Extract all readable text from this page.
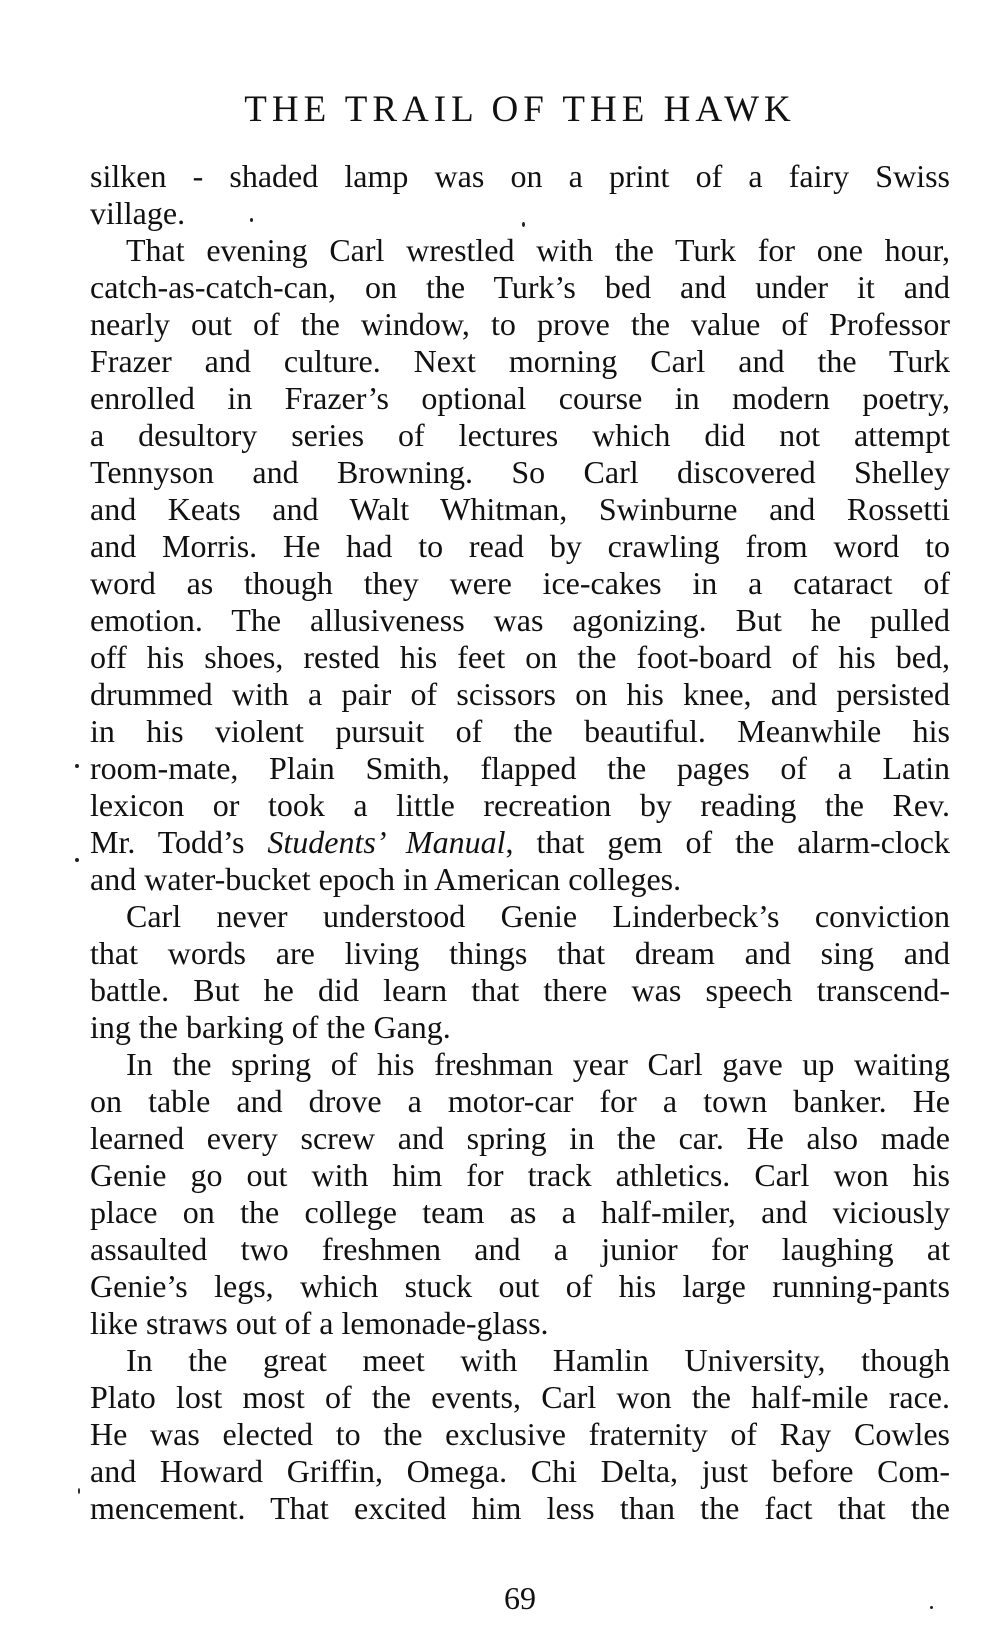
THE TRAIL OF THE HAWK
silken - shaded lamp was on a print of a fairy Swiss
village.
That evening Carl wrestled with the Turk for one hour,
catch-as-catch-can, on the Turk’s bed and under it and
nearly out of the window, to prove the value of Professor
Frazer and culture. Next morning Carl and the Turk
enrolled in Frazer’s optional course in modern poetry,
a desultory series of lectures which did not attempt
Tennyson and Browning. So Carl discovered Shelley
and Keats and Walt Whitman, Swinburne and Rossetti
and Morris. He had to read by crawling from word to
word as though they were ice-cakes in a cataract of
emotion. The allusiveness was agonizing. But he pulled
off his shoes, rested his feet on the foot-board of his bed,
drummed with a pair of scissors on his knee, and persisted
in his violent pursuit of the beautiful. Meanwhile his
room-mate, Plain Smith, flapped the pages of a Latin
lexicon or took a little recreation by reading the Rev.
Mr. Todd’s Students’ Manual, that gem of the alarm-clock
and water-bucket epoch in American colleges.
Carl never understood Genie Linderbeck’s conviction
that words are living things that dream and sing and
battle. But he did learn that there was speech transcend-
ing the barking of the Gang.
In the spring of his freshman year Carl gave up waiting
on table and drove a motor-car for a town banker. He
learned every screw and spring in the car. He also made
Genie go out with him for track athletics. Carl won his
place on the college team as a half-miler, and viciously
assaulted two freshmen and a junior for laughing at
Genie’s legs, which stuck out of his large running-pants
like straws out of a lemonade-glass.
In the great meet with Hamlin University, though
Plato lost most of the events, Carl won the half-mile race.
He was elected to the exclusive fraternity of Ray Cowles
and Howard Griffin, Omega. Chi Delta, just before Com-
mencement. That excited him less than the fact that the
69
